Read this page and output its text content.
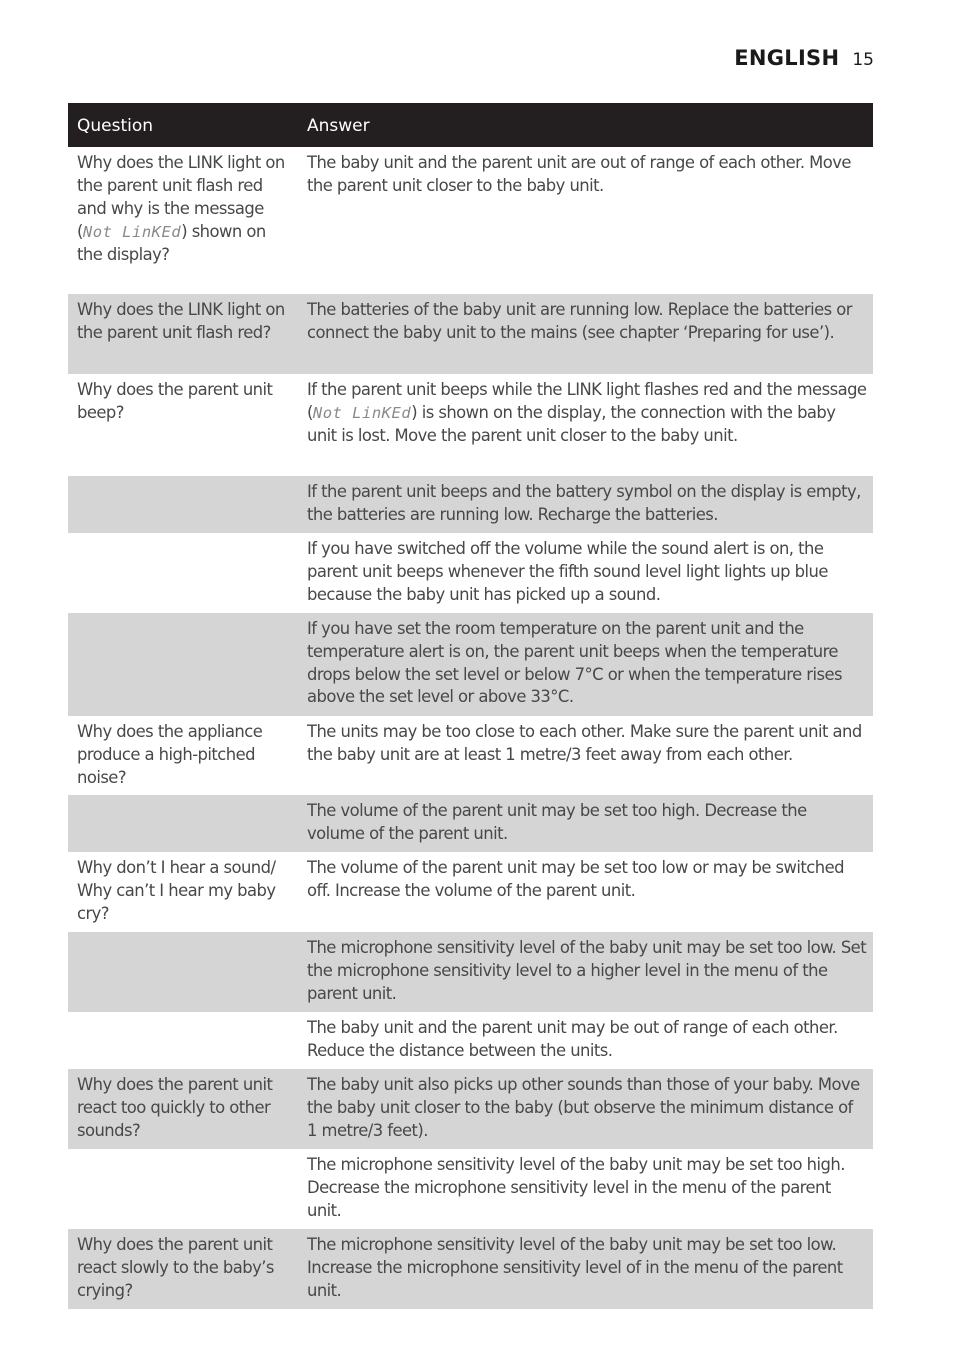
ENGLISH 15
Question	Answer
Why does the LINK light on the parent unit flash red and why is the message (Not LinKEd) shown on the display?	The baby unit and the parent unit are out of range of each other. Move the parent unit closer to the baby unit.
Why does the LINK light on the parent unit flash red?	The batteries of the baby unit are running low. Replace the batteries or connect the baby unit to the mains (see chapter ‘Preparing for use’).
Why does the parent unit beep?	If the parent unit beeps while the LINK light flashes red and the message (Not LinKEd) is shown on the display, the connection with the baby unit is lost. Move the parent unit closer to the baby unit.
	If the parent unit beeps and the battery symbol on the display is empty, the batteries are running low. Recharge the batteries.
	If you have switched off the volume while the sound alert is on, the parent unit beeps whenever the fifth sound level light lights up blue because the baby unit has picked up a sound.
	If you have set the room temperature on the parent unit and the temperature alert is on, the parent unit beeps when the temperature drops below the set level or below 7°C or when the temperature rises above the set level or above 33°C.
Why does the appliance produce a high-pitched noise?	The units may be too close to each other. Make sure the parent unit and the baby unit are at least 1 metre/3 feet away from each other.
	The volume of the parent unit may be set too high. Decrease the volume of the parent unit.
Why don’t I hear a sound/ Why can’t I hear my baby cry?	The volume of the parent unit may be set too low or may be switched off. Increase the volume of the parent unit.
	The microphone sensitivity level of the baby unit may be set too low. Set the microphone sensitivity level to a higher level in the menu of the parent unit.
	The baby unit and the parent unit may be out of range of each other. Reduce the distance between the units.
Why does the parent unit react too quickly to other sounds?	The baby unit also picks up other sounds than those of your baby. Move the baby unit closer to the baby (but observe the minimum distance of 1 metre/3 feet).
	The microphone sensitivity level of the baby unit may be set too high. Decrease the microphone sensitivity level in the menu of the parent unit.
Why does the parent unit react slowly to the baby’s crying?	The microphone sensitivity level of the baby unit may be set too low. Increase the microphone sensitivity level of in the menu of the parent unit.
